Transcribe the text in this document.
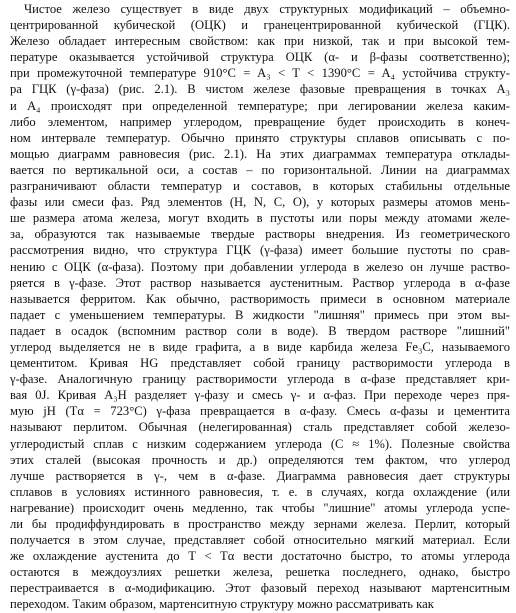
Чистое железо существует в виде двух структурных модификаций – объемно-
центрированной кубической (ОЦК) и гранецентрированной кубической (ГЦК).
Железо обладает интересным свойством: как при низкой, так и при высокой тем-
пературе оказывается устойчивой структура ОЦК (α- и β-фазы соответственно);
при промежуточной температуре 910°C = A₃ < T < 1390°C = A₄ устойчива структу-
ра ГЦК (γ-фаза) (рис. 2.1). В чистом железе фазовые превращения в точках A₃
и A₄ происходят при определенной температуре; при легировании железа каким-
либо элементом, например углеродом, превращение будет происходить в конеч-
ном интервале температур. Обычно принято структуры сплавов описывать с по-
мощью диаграмм равновесия (рис. 2.1). На этих диаграммах температура отклады-
вается по вертикальной оси, а состав – по горизонтальной. Линии на диаграммах
разграничивают области температур и составов, в которых стабильны отдельные
фазы или смеси фаз. Ряд элементов (H, N, C, O), у которых размеры атомов мень-
ше размера атома железа, могут входить в пустоты или поры между атомами желе-
за, образуются так называемые твердые растворы внедрения. Из геометрического
рассмотрения видно, что структура ГЦК (γ-фаза) имеет большие пустоты по срав-
нению с ОЦК (α-фаза). Поэтому при добавлении углерода в железо он лучше раство-
ряется в γ-фазе. Этот раствор называется аустенитным. Раствор углерода в α-фазе
называется ферритом. Как обычно, растворимость примеси в основном материале
падает с уменьшением температуры. В жидкости "лишняя" примесь при этом вы-
падает в осадок (вспомним раствор соли в воде). В твердом растворе "лишний"
углерод выделяется не в виде графита, а в виде карбида железа Fe₃C, называемого
цементитом. Кривая HG представляет собой границу растворимости углерода в
γ-фазе. Аналогичную границу растворимости углерода в α-фазе представляет кри-
вая 0J. Кривая A₃H разделяет γ-фазу и смесь γ- и α-фаз. При переходе через пря-
мую jH (Tα = 723°C) γ-фаза превращается в α-фазу. Смесь α-фазы и цементита
называют перлитом. Обычная (нелегированная) сталь представляет собой железо-
углеродистый сплав с низким содержанием углерода (C ≈ 1%). Полезные свойства
этих сталей (высокая прочность и др.) определяются тем фактом, что углерод
лучше растворяется в γ-, чем в α-фазе. Диаграмма равновесия дает структуры
сплавов в условиях истинного равновесия, т. е. в случаях, когда охлаждение (или
нагревание) происходит очень медленно, так чтобы "лишние" атомы углерода успе-
ли бы продиффундировать в пространство между зернами железа. Перлит, который
получается в этом случае, представляет собой относительно мягкий материал. Если
же охлаждение аустенита до T < Tα вести достаточно быстро, то атомы углерода
остаются в междоузлиях решетки железа, решетка последнего, однако, быстро
перестраивается в α-модификацию. Этот фазовый переход называют мартенситным
переходом. Таким образом, мартенситную структуру можно рассматривать как
